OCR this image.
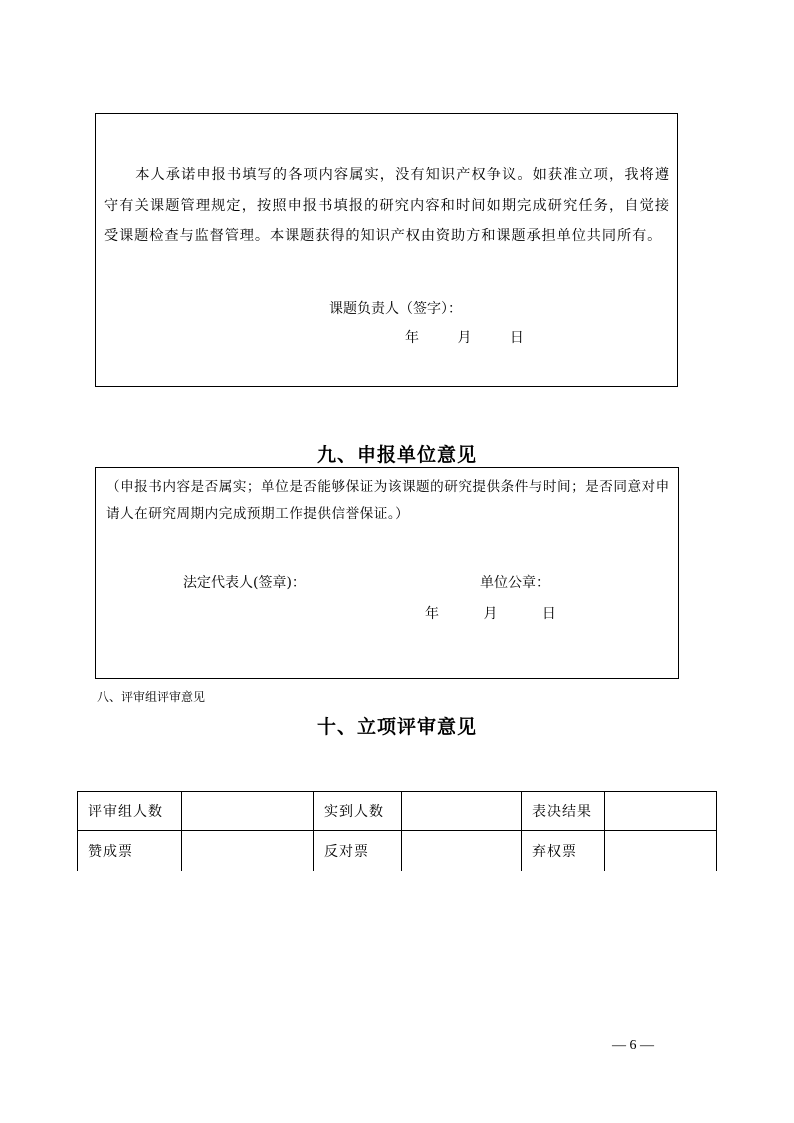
本人承诺申报书填写的各项内容属实，没有知识产权争议。如获准立项，我将遵守有关课题管理规定，按照申报书填报的研究内容和时间如期完成研究任务，自觉接受课题检查与监督管理。本课题获得的知识产权由资助方和课题承担单位共同所有。

课题负责人（签字）：
年	月	日
九、申报单位意见

（申报书内容是否属实；单位是否能够保证为该课题的研究提供条件与时间；是否同意对申请人在研究周期内完成预期工作提供信誉保证。）

法定代表人(签章)：	单位公章：
年	月	日
八、评审组评审意见
十、立项评审意见
评审组人数		实到人数		表决结果	
赞成票		反对票		弃权票	
— 6 —
